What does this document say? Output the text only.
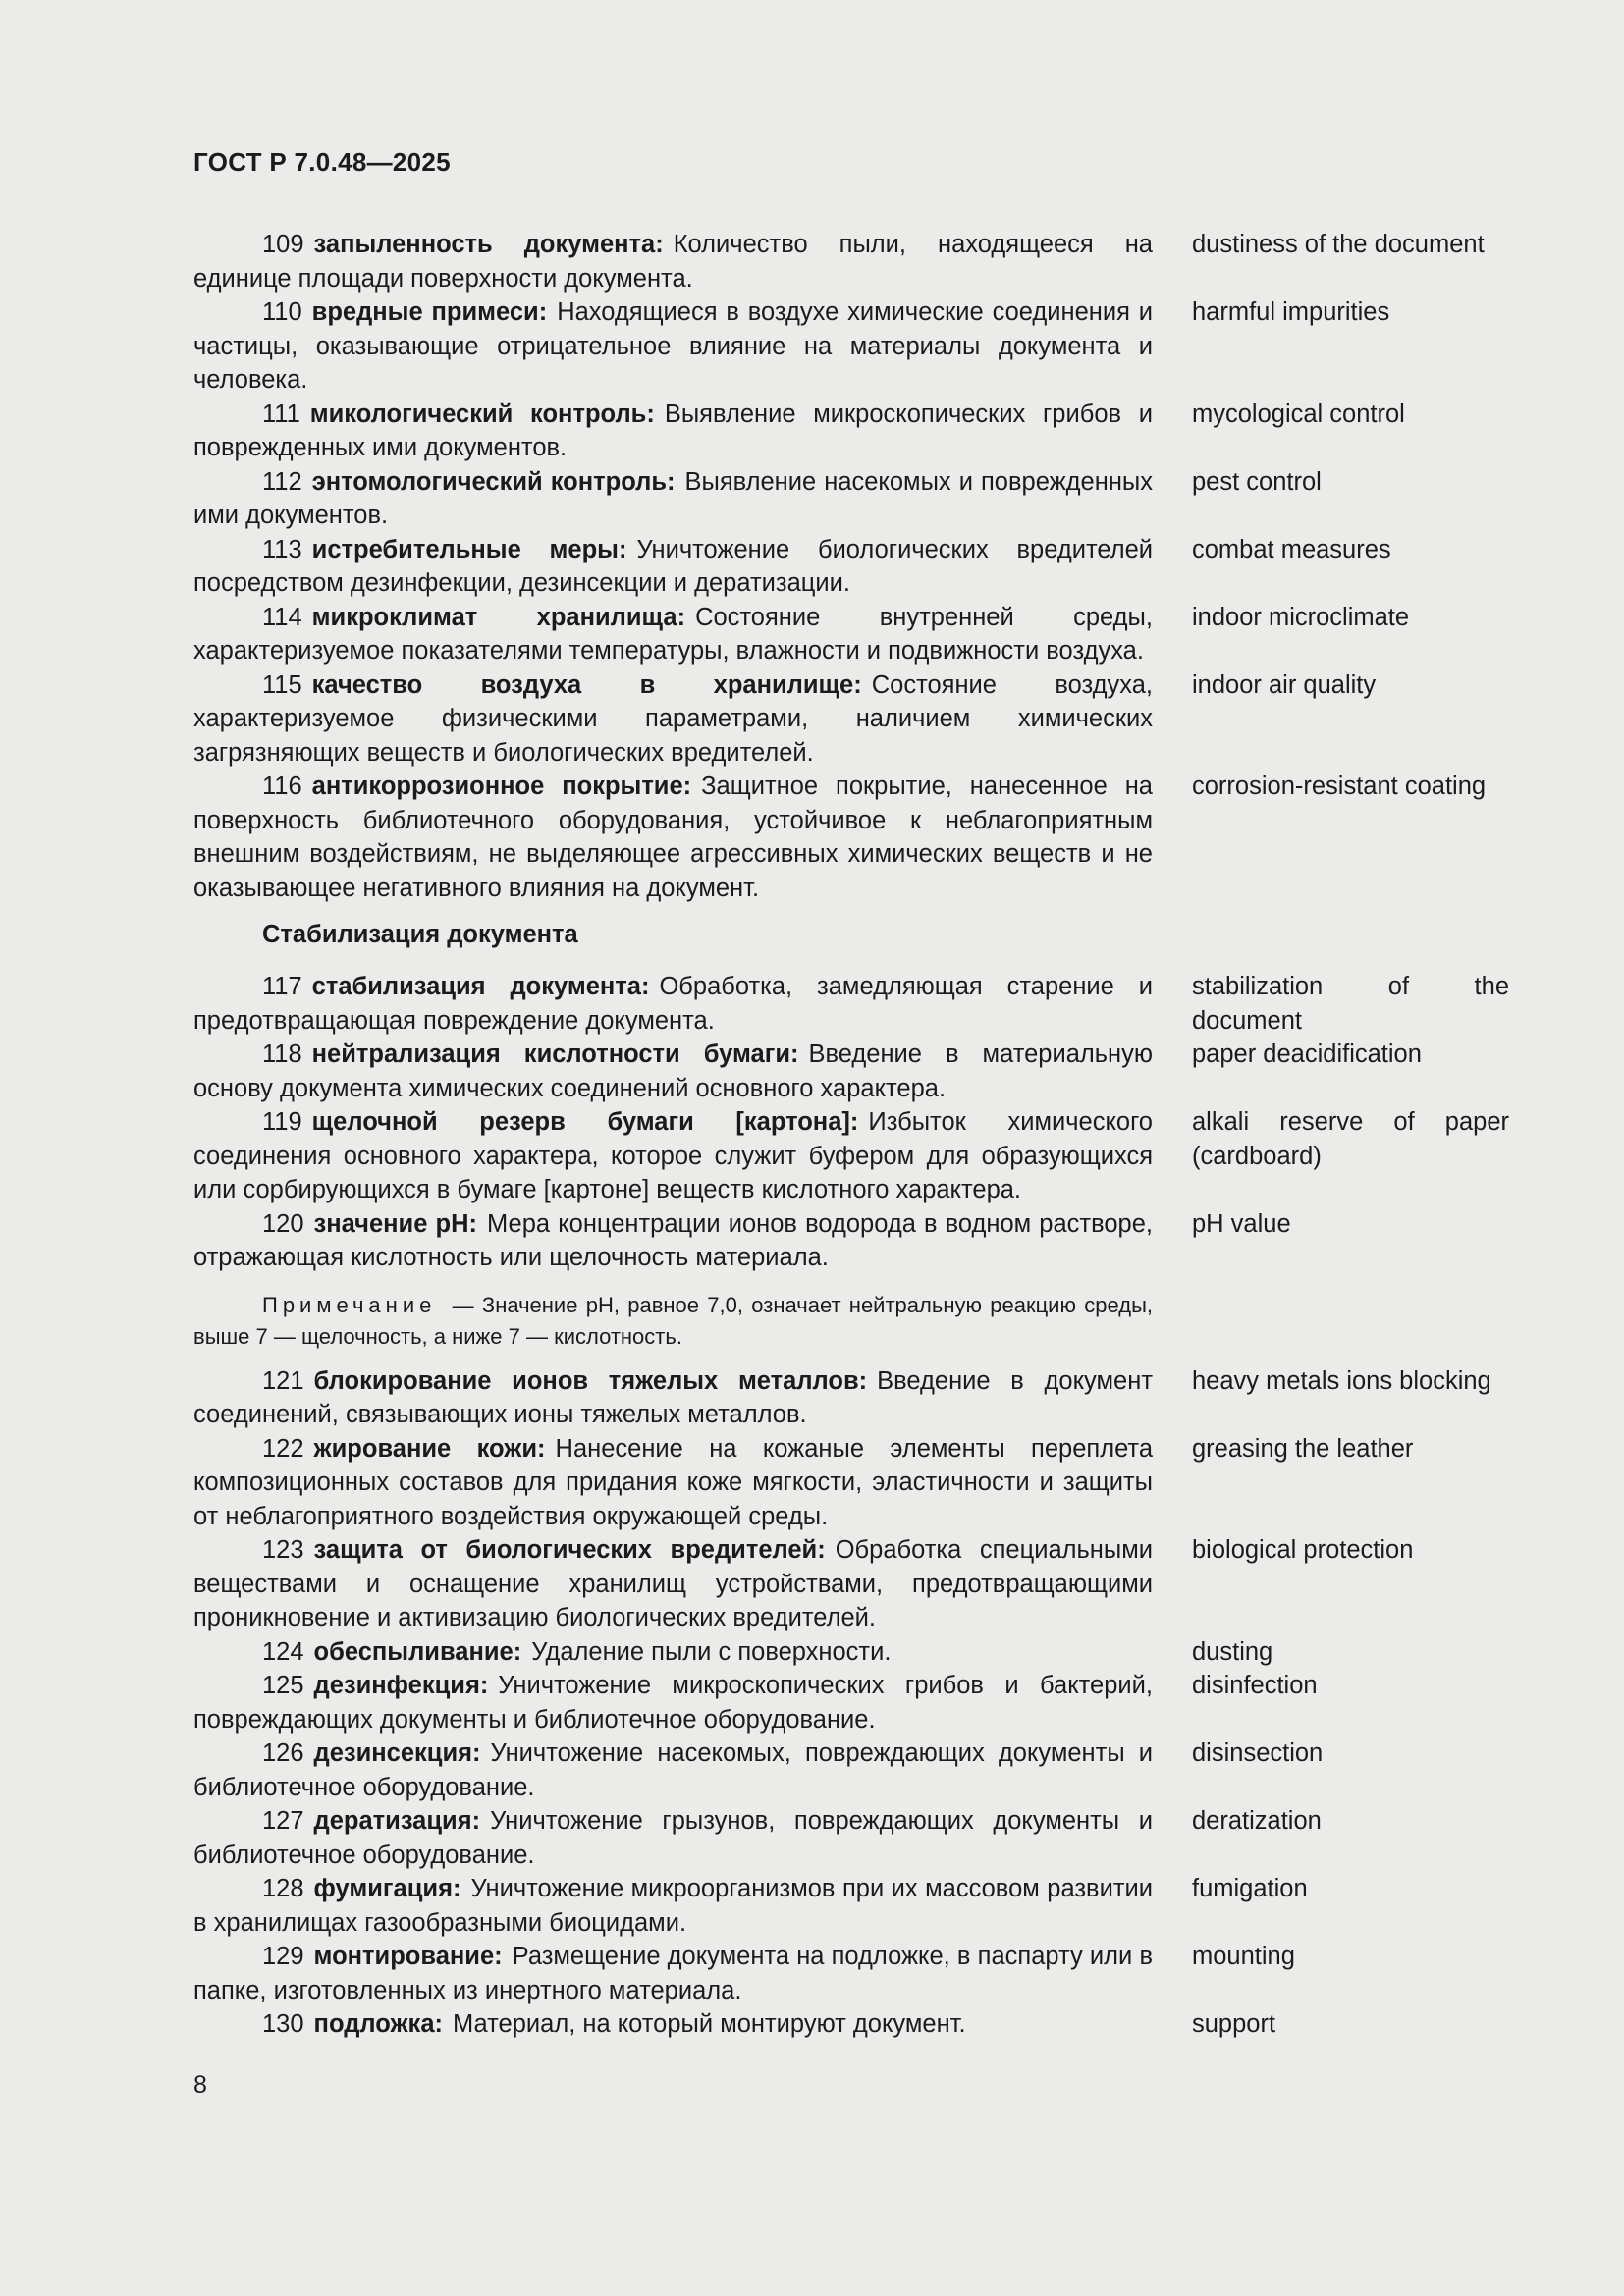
ГОСТ Р 7.0.48—2025
109 запыленность документа: Количество пыли, находящееся на единице площади поверхности документа.
dustiness of the document
110 вредные примеси: Находящиеся в воздухе химические соединения и частицы, оказывающие отрицательное влияние на материалы документа и человека.
harmful impurities
111 микологический контроль: Выявление микроскопических грибов и поврежденных ими документов.
mycological control
112 энтомологический контроль: Выявление насекомых и поврежденных ими документов.
pest control
113 истребительные меры: Уничтожение биологических вредителей посредством дезинфекции, дезинсекции и дератизации.
combat measures
114 микроклимат хранилища: Состояние внутренней среды, характеризуемое показателями температуры, влажности и подвижности воздуха.
indoor microclimate
115 качество воздуха в хранилище: Состояние воздуха, характеризуемое физическими параметрами, наличием химических загрязняющих веществ и биологических вредителей.
indoor air quality
116 антикоррозионное покрытие: Защитное покрытие, нанесенное на поверхность библиотечного оборудования, устойчивое к неблагоприятным внешним воздействиям, не выделяющее агрессивных химических веществ и не оказывающее негативного влияния на документ.
corrosion-resistant coating
Стабилизация документа
117 стабилизация документа: Обработка, замедляющая старение и предотвращающая повреждение документа.
stabilization of the document
118 нейтрализация кислотности бумаги: Введение в материальную основу документа химических соединений основного характера.
paper deacidification
119 щелочной резерв бумаги [картона]: Избыток химического соединения основного характера, которое служит буфером для образующихся или сорбирующихся в бумаге [картоне] веществ кислотного характера.
alkali reserve of paper (cardboard)
120 значение pH: Мера концентрации ионов водорода в водном растворе, отражающая кислотность или щелочность материала.
pH value
Примечание — Значение pH, равное 7,0, означает нейтральную реакцию среды, выше 7 — щелочность, а ниже 7 — кислотность.
121 блокирование ионов тяжелых металлов: Введение в документ соединений, связывающих ионы тяжелых металлов.
heavy metals ions blocking
122 жирование кожи: Нанесение на кожаные элементы переплета композиционных составов для придания коже мягкости, эластичности и защиты от неблагоприятного воздействия окружающей среды.
greasing the leather
123 защита от биологических вредителей: Обработка специальными веществами и оснащение хранилищ устройствами, предотвращающими проникновение и активизацию биологических вредителей.
biological protection
124 обеспыливание: Удаление пыли с поверхности.	dusting
125 дезинфекция: Уничтожение микроскопических грибов и бактерий, повреждающих документы и библиотечное оборудование.
disinfection
126 дезинсекция: Уничтожение насекомых, повреждающих документы и библиотечное оборудование.
disinsection
127 дератизация: Уничтожение грызунов, повреждающих документы и библиотечное оборудование.
deratization
128 фумигация: Уничтожение микроорганизмов при их массовом развитии в хранилищах газообразными биоцидами.
fumigation
129 монтирование: Размещение документа на подложке, в паспарту или в папке, изготовленных из инертного материала.
mounting
130 подложка: Материал, на который монтируют документ.	support
8
